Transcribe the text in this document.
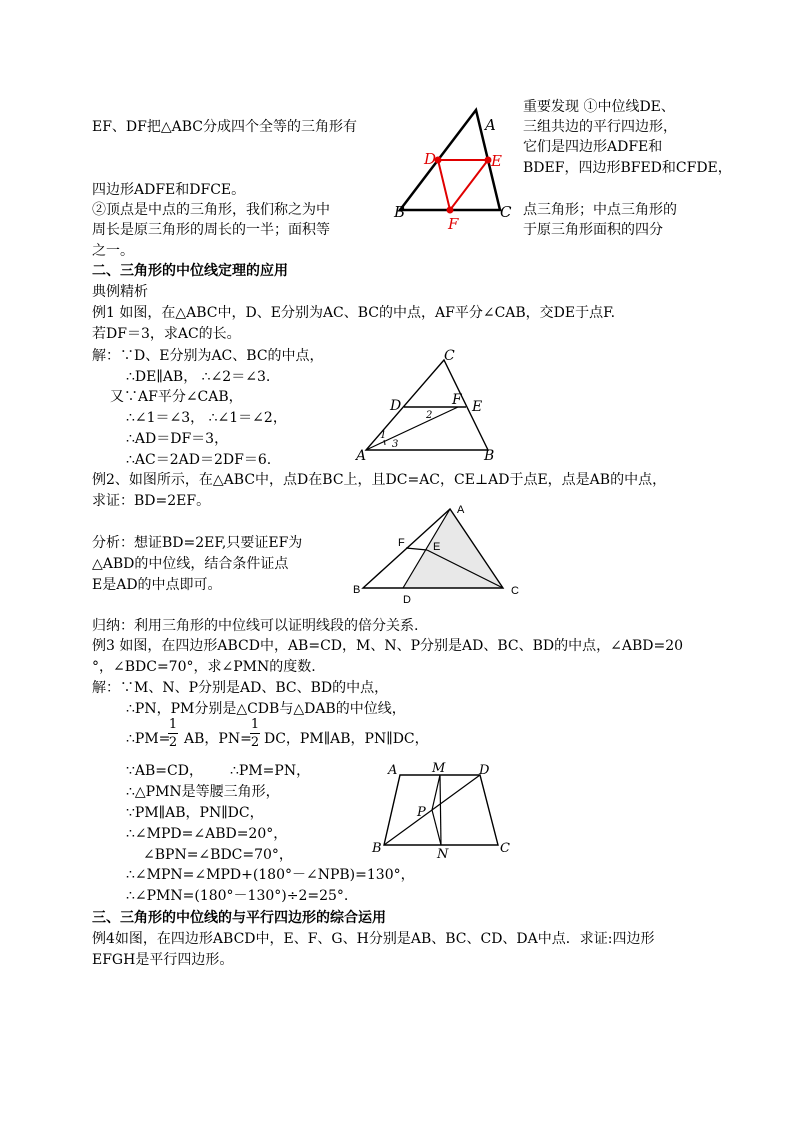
重要发现 ①中位线DE、
EF、DF把△ABC分成四个全等的三角形有	三组共边的平行四边形，
它们是四边形ADFE和
BDEF，四边形BFED和CFDE，
四边形ADFE和DFCE。
②顶点是中点的三角形，我们称之为中	点三角形；中点三角形的
周长是原三角形的周长的一半；面积等	于原三角形面积的四分
之一。
A
B	C
D	E
F
二、三角形的中位线定理的应用
典例精析
例1 如图，在△ABC中，D、E分别为AC、BC的中点，AF平分∠CAB，交DE于点F.
若DF＝3，求AC的长。
解：∵D、E分别为AC、BC的中点，
∴DE∥AB， ∴∠2＝∠3.
又∵AF平分∠CAB，
∴∠1＝∠3， ∴∠1＝∠2，
∴AD＝DF＝3，
∴AC＝2AD＝2DF＝6.
C
A	B
D	F E
2
1
3
例2、如图所示，在△ABC中，点D在BC上，且DC=AC，CE⊥AD于点E，点是AB的中点，
求证：BD=2EF。
分析：想证BD=2EF,只要证EF为
△ABD的中位线，结合条件证点
E是AD的中点即可。
A
B	C
D
E
F
归纳：利用三角形的中位线可以证明线段的倍分关系.
例3 如图，在四边形ABCD中，AB=CD，M、N、P分别是AD、BC、BD的中点，∠ABD=20
°，∠BDC=70°，求∠PMN的度数.
解：∵M、N、P分别是AD、BC、BD的中点，
∴PN，PM分别是△CDB与△DAB的中位线，
∴PM=
1
2 AB，PN=
1
2 DC，PM∥AB，PN∥DC，
∵AB=CD， ∴PM=PN，
∴△PMN是等腰三角形，
∵PM∥AB，PN∥DC，
∴∠MPD=∠ABD=20°，
∠BPN=∠BDC=70°，
∴∠MPN=∠MPD+(180°－∠NPB)=130°，
∴∠PMN=(180°－130°)÷2=25°.
A	M	D
P
B	N	C
三、三角形的中位线的与平行四边形的综合运用
例4如图，在四边形ABCD中，E、F、G、H分别是AB、BC、CD、DA中点．求证:四边形
EFGH是平行四边形。
